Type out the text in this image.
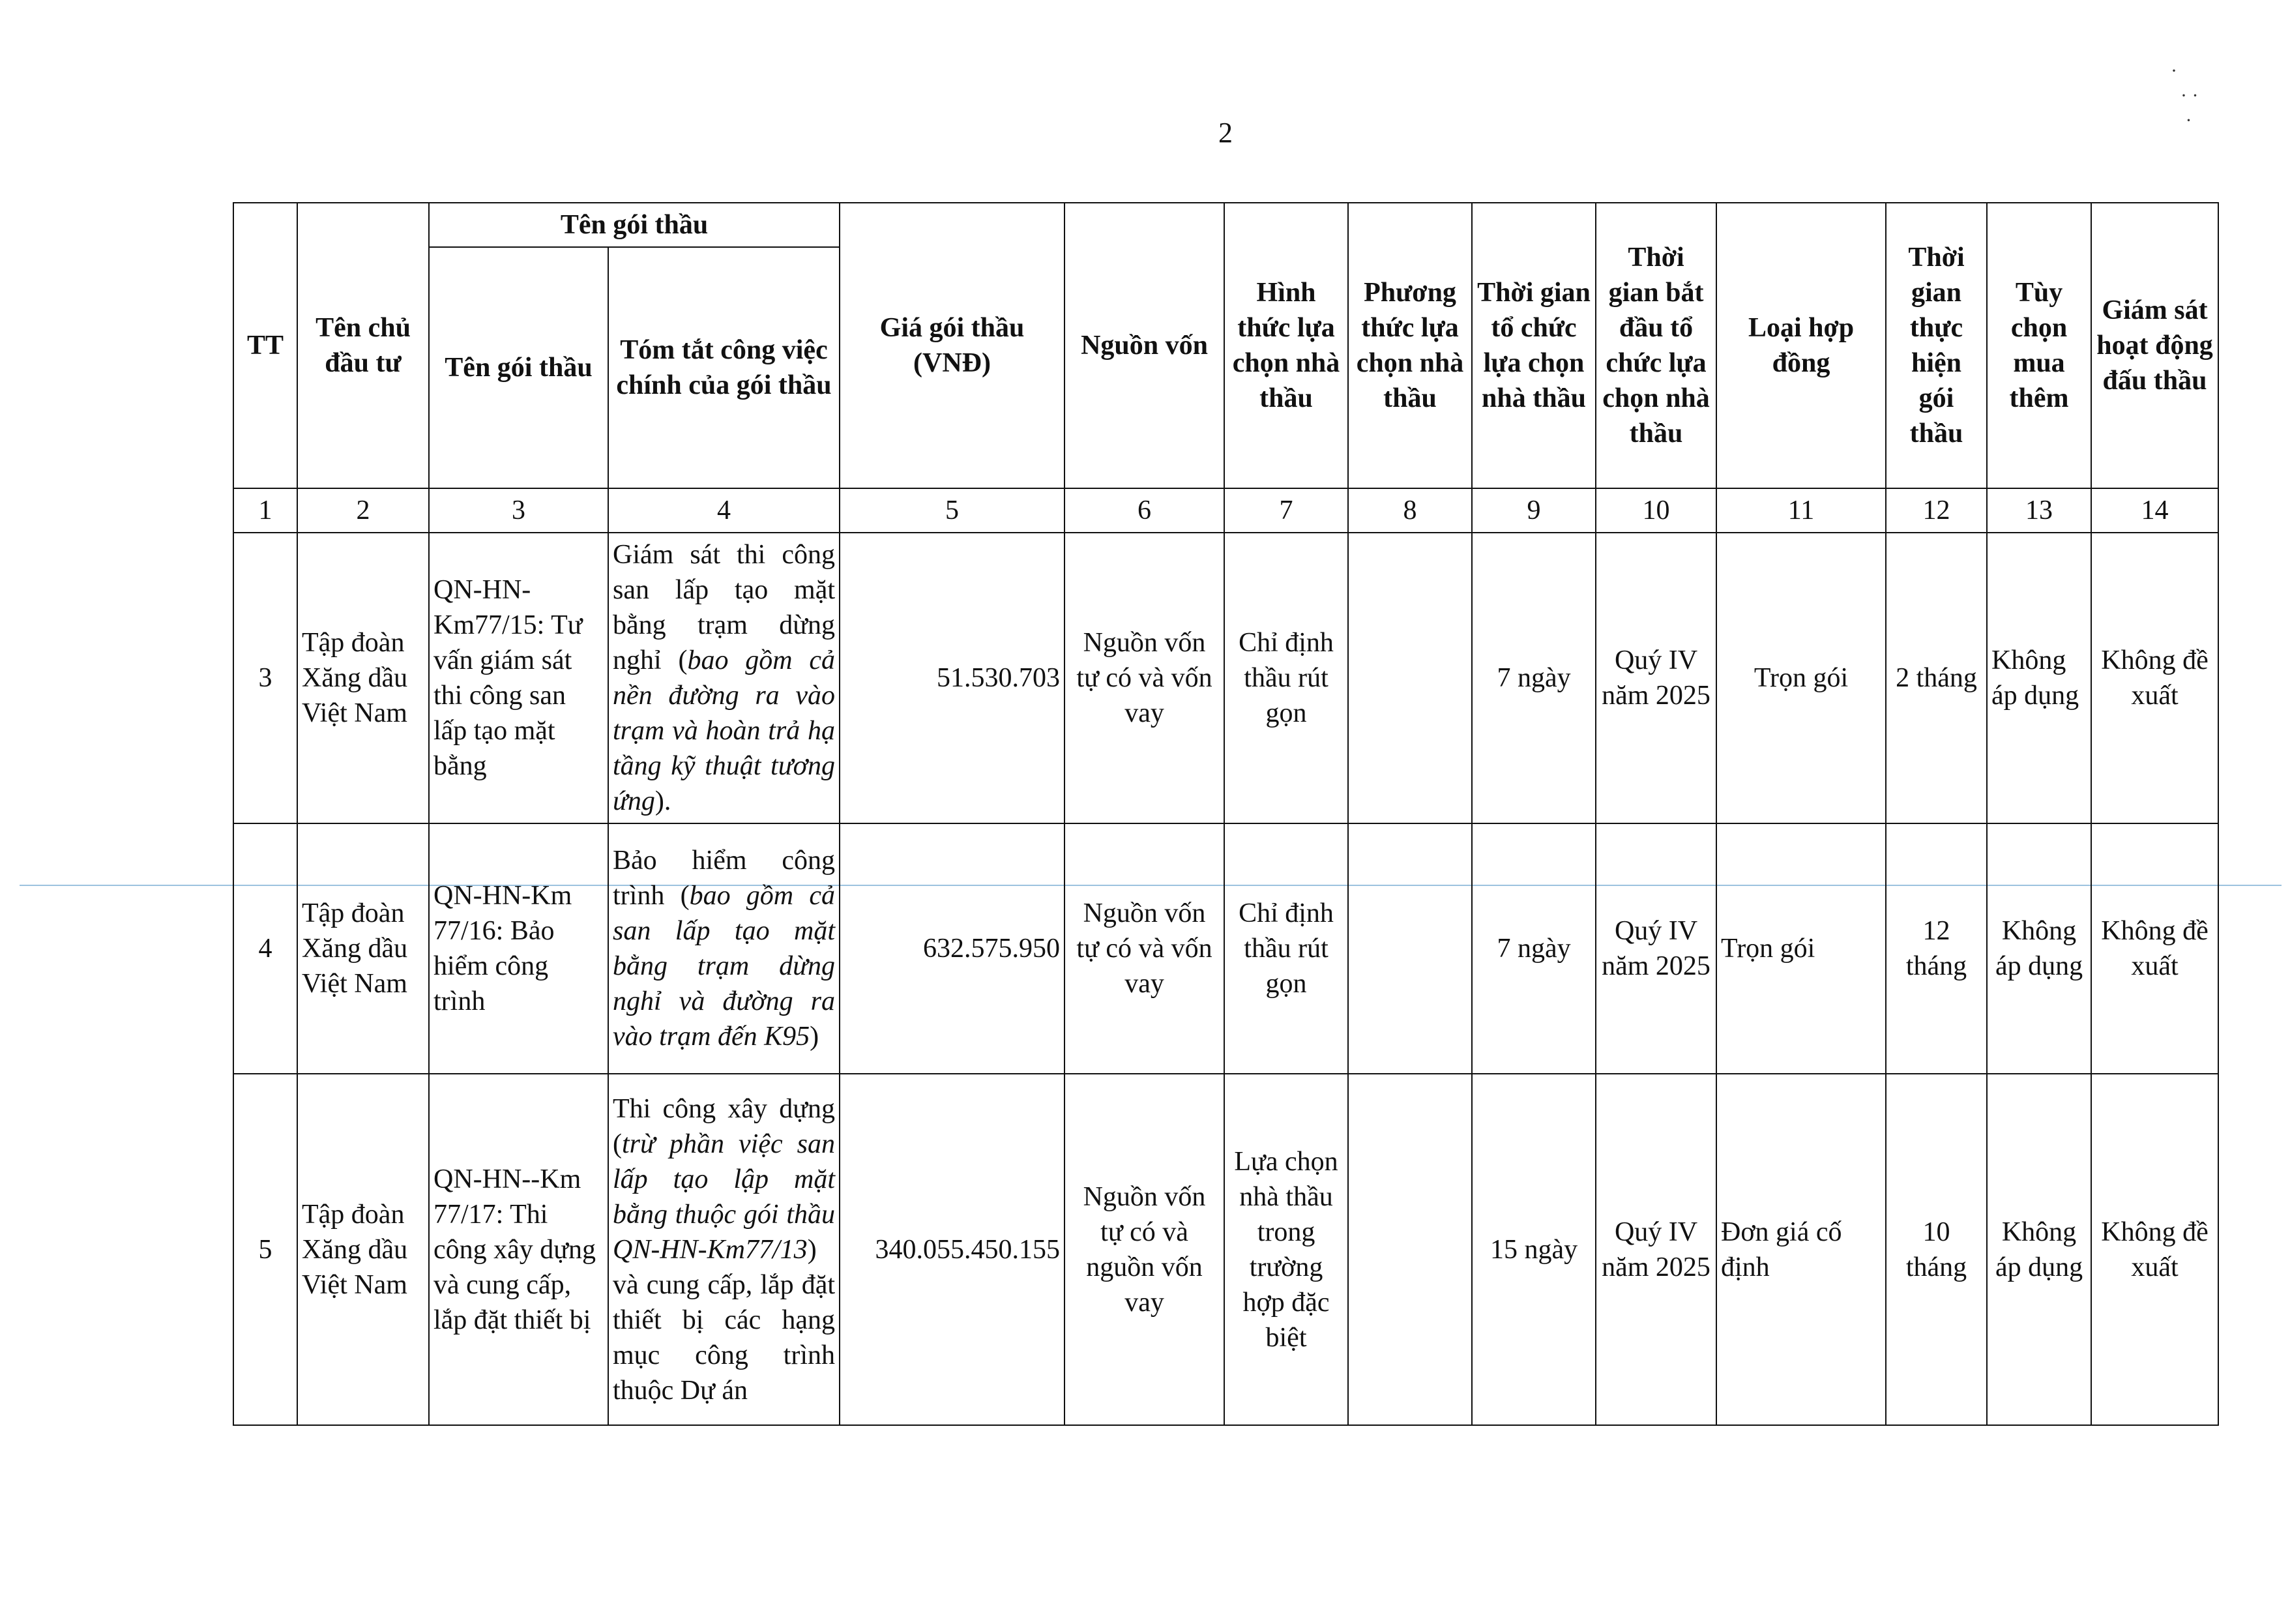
2
·
· ·
·
TT	Tên chủ đầu tư	Tên gói thầu		Giá gói thầu (VNĐ)	Nguồn vốn	Hình thức lựa chọn nhà thầu	Phương thức lựa chọn nhà thầu	Thời gian tổ chức lựa chọn nhà thầu	Thời gian bắt đầu tổ chức lựa chọn nhà thầu	Loại hợp đồng	Thời gian thực hiện gói thầu	Tùy chọn mua thêm	Giám sát hoạt động đấu thầu
		Tên gói thầu	Tóm tắt công việc chính của gói thầu										
1	2	3	4	5	6	7	8	9	10	11	12	13	14
3	Tập đoàn Xăng dầu Việt Nam	QN-HN-Km77/15: Tư vấn giám sát thi công san lấp tạo mặt bằng	Giám sát thi công san lấp tạo mặt bằng trạm dừng nghỉ (bao gồm cả nền đường ra vào trạm và hoàn trả hạ tầng kỹ thuật tương ứng).	51.530.703	Nguồn vốn tự có và vốn vay	Chỉ định thầu rút gọn		7 ngày	Quý IV năm 2025	Trọn gói	2 tháng	Không áp dụng	Không đề xuất
4	Tập đoàn Xăng dầu Việt Nam	QN-HN-Km 77/16: Bảo hiểm công trình	Bảo hiểm công trình (bao gồm cả san lấp tạo mặt bằng trạm dừng nghỉ và đường ra vào trạm đến K95)	632.575.950	Nguồn vốn tự có và vốn vay	Chỉ định thầu rút gọn		7 ngày	Quý IV năm 2025	Trọn gói	12 tháng	Không áp dụng	Không đề xuất
5	Tập đoàn Xăng dầu Việt Nam	QN-HN--Km 77/17: Thi công xây dựng và cung cấp, lắp đặt thiết bị	Thi công xây dựng (trừ phần việc san lấp tạo lập mặt bằng thuộc gói thầu QN-HN-Km77/13) và cung cấp, lắp đặt thiết bị các hạng mục công trình thuộc Dự án	340.055.450.155	Nguồn vốn tự có và nguồn vốn vay	Lựa chọn nhà thầu trong trường hợp đặc biệt		15 ngày	Quý IV năm 2025	Đơn giá cố định	10 tháng	Không áp dụng	Không đề xuất
